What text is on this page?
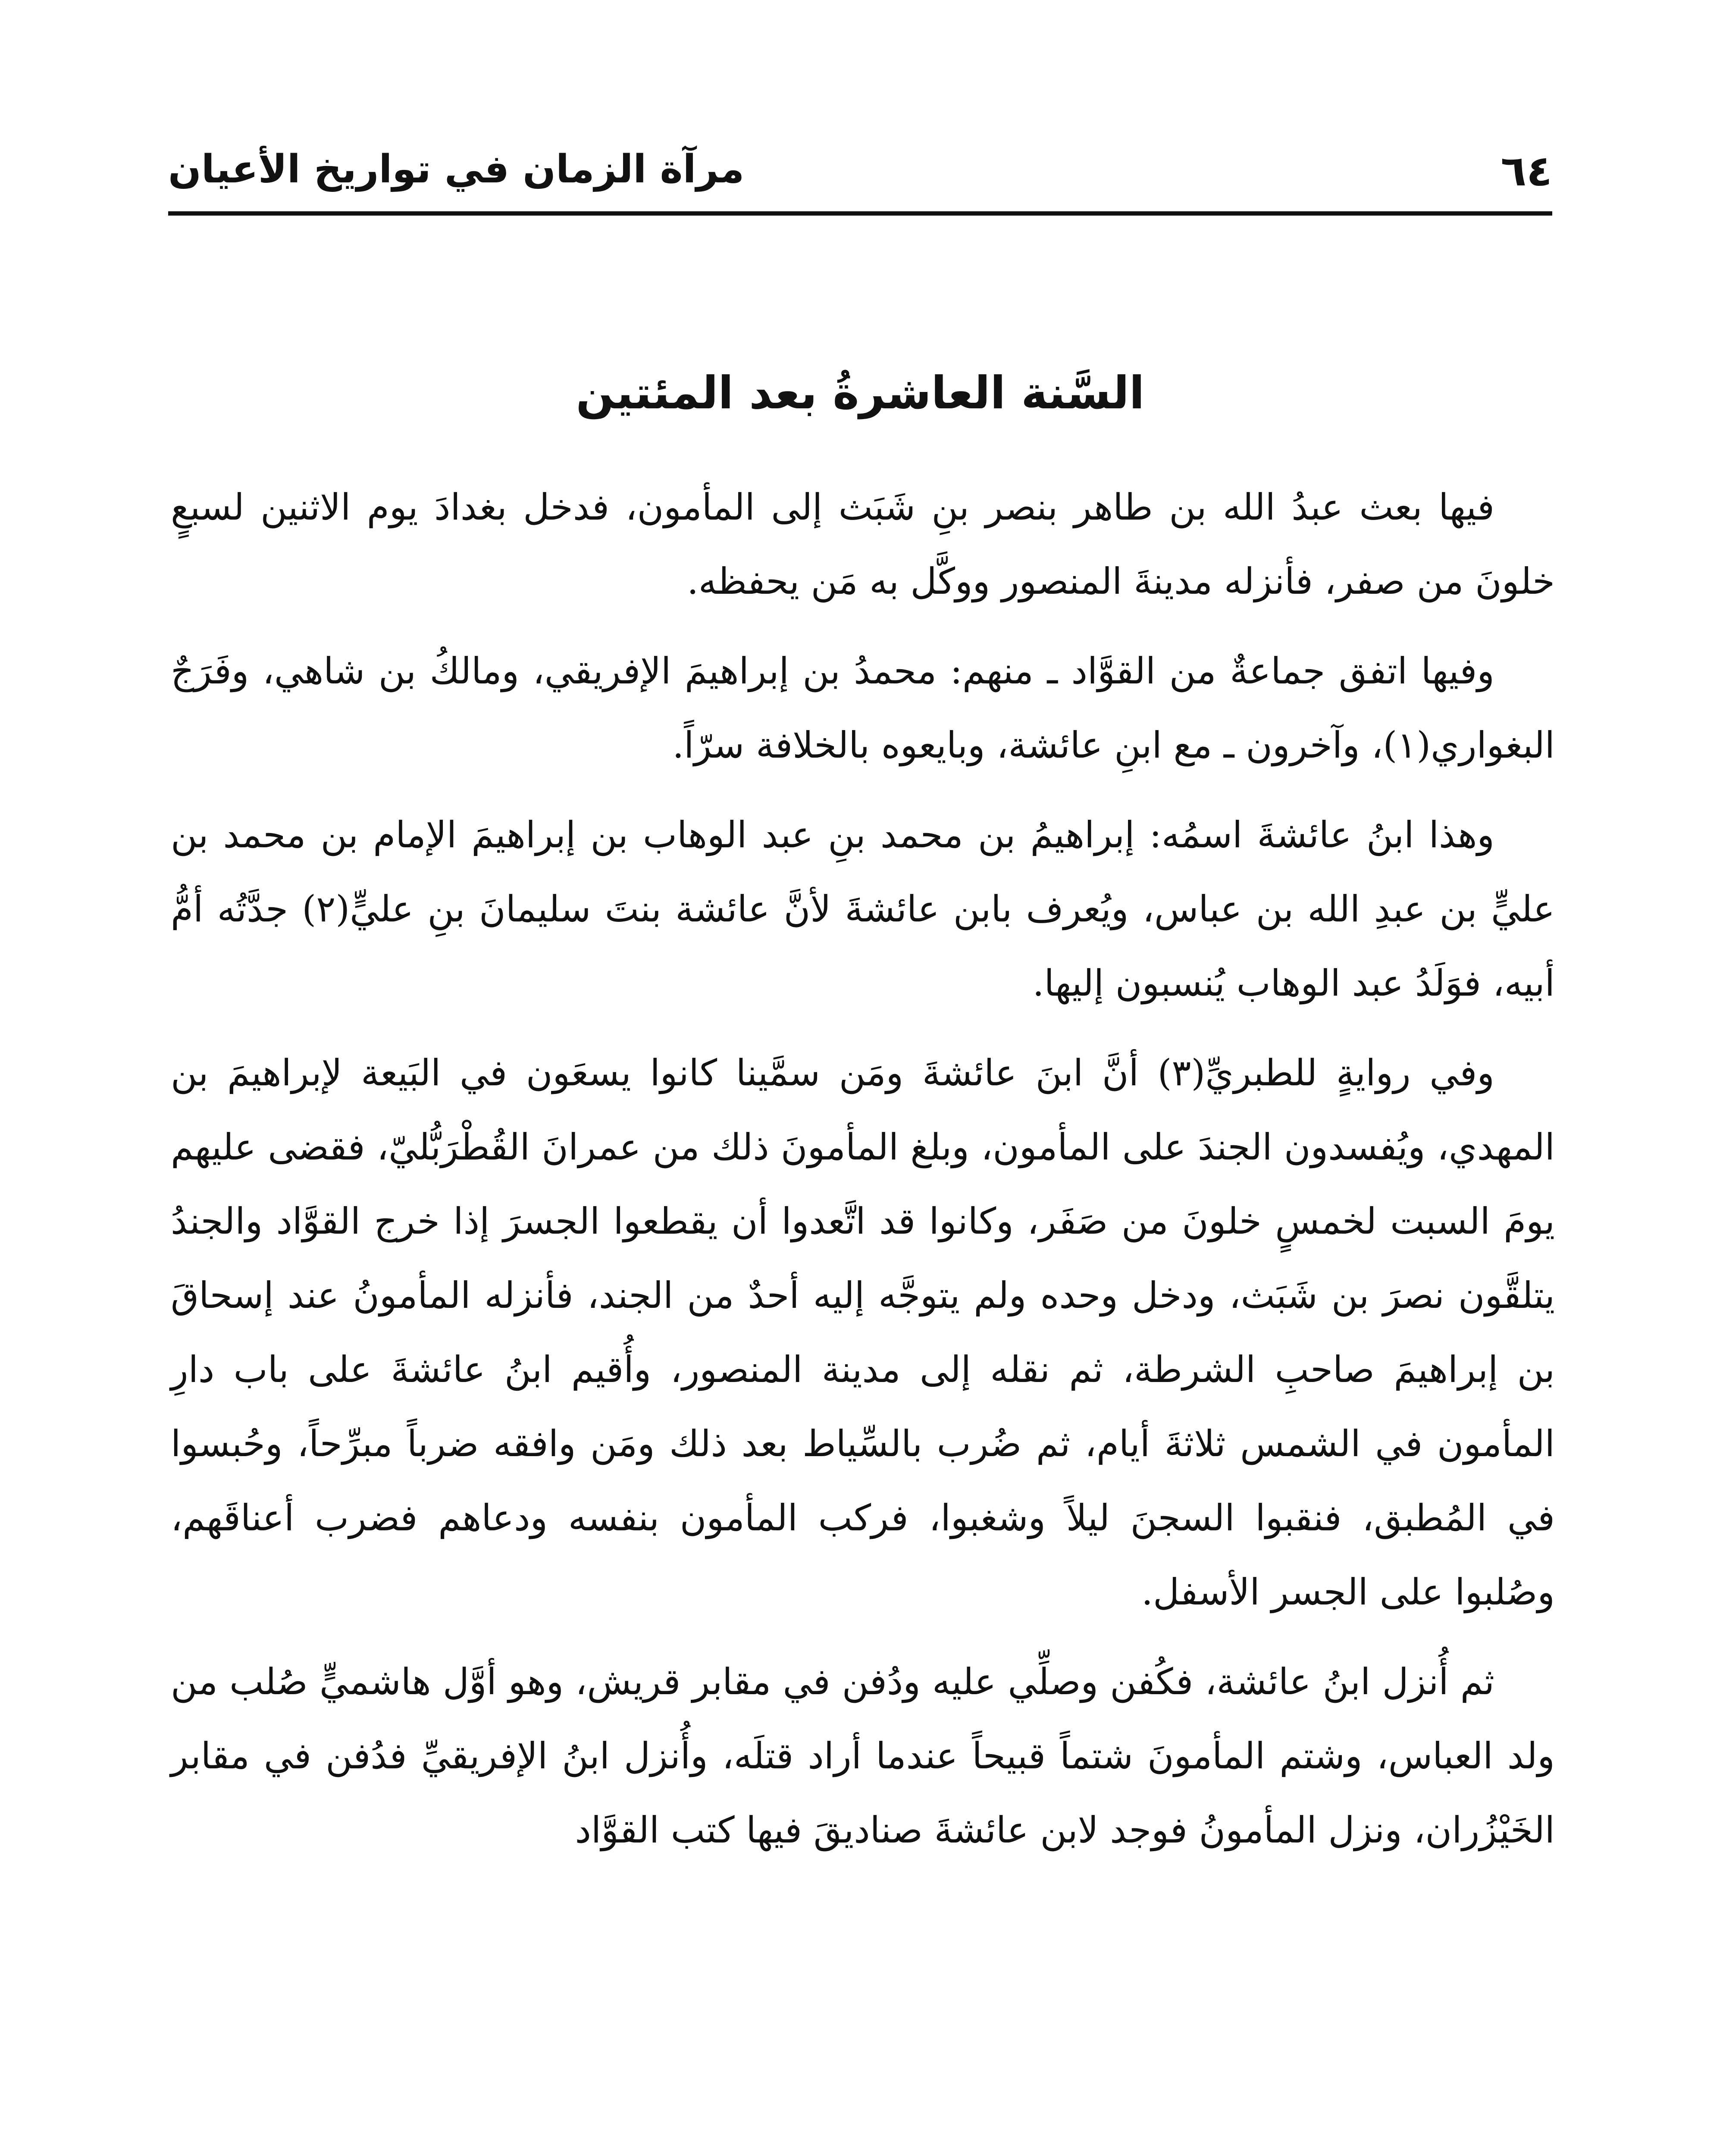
٦٤
مرآة الزمان في تواريخ الأعيان
السَّنة العاشرةُ بعد المئتين

فيها بعث عبدُ الله بن طاهر بنصر بنِ شَبَث إلى المأمون، فدخل بغدادَ يوم الاثنين لسبعٍ خلونَ من صفر، فأنزله مدينةَ المنصور ووكَّل به مَن يحفظه.

وفيها اتفق جماعةٌ من القوَّاد ـ منهم: محمدُ بن إبراهيمَ الإفريقي، ومالكُ بن شاهي، وفَرَجٌ البغواري(١)، وآخرون ـ مع ابنِ عائشة، وبايعوه بالخلافة سرّاً.

وهذا ابنُ عائشةَ اسمُه: إبراهيمُ بن محمد بنِ عبد الوهاب بن إبراهيمَ الإمام بن محمد بن عليٍّ بن عبدِ الله بن عباس، ويُعرف بابن عائشةَ لأنَّ عائشة بنتَ سليمانَ بنِ عليٍّ(٢) جدَّتُه أمُّ أبيه، فوَلَدُ عبد الوهاب يُنسبون إليها.

وفي روايةٍ للطبريِّ(٣) أنَّ ابنَ عائشةَ ومَن سمَّينا كانوا يسعَون في البَيعة لإبراهيمَ بن المهدي، ويُفسدون الجندَ على المأمون، وبلغ المأمونَ ذلك من عمرانَ القُطْرَبُّليّ، فقضى عليهم يومَ السبت لخمسٍ خلونَ من صَفَر، وكانوا قد اتَّعدوا أن يقطعوا الجسرَ إذا خرج القوَّاد والجندُ يتلقَّون نصرَ بن شَبَث، ودخل وحده ولم يتوجَّه إليه أحدٌ من الجند، فأنزله المأمونُ عند إسحاقَ بن إبراهيمَ صاحبِ الشرطة، ثم نقله إلى مدينة المنصور، وأُقيم ابنُ عائشةَ على باب دارِ المأمون في الشمس ثلاثةَ أيام، ثم ضُرب بالسِّياط بعد ذلك ومَن وافقه ضرباً مبرِّحاً، وحُبسوا في المُطبق، فنقبوا السجنَ ليلاً وشغبوا، فركب المأمون بنفسه ودعاهم فضرب أعناقَهم، وصُلبوا على الجسر الأسفل.

ثم أُنزل ابنُ عائشة، فكُفن وصلِّي عليه ودُفن في مقابر قريش، وهو أوَّل هاشميٍّ صُلب من ولد العباس، وشتم المأمونَ شتماً قبيحاً عندما أراد قتلَه، وأُنزل ابنُ الإفريقيِّ فدُفن في مقابر الخَيْزُران، ونزل المأمونُ فوجد لابن عائشةَ صناديقَ فيها كتب القوَّاد
